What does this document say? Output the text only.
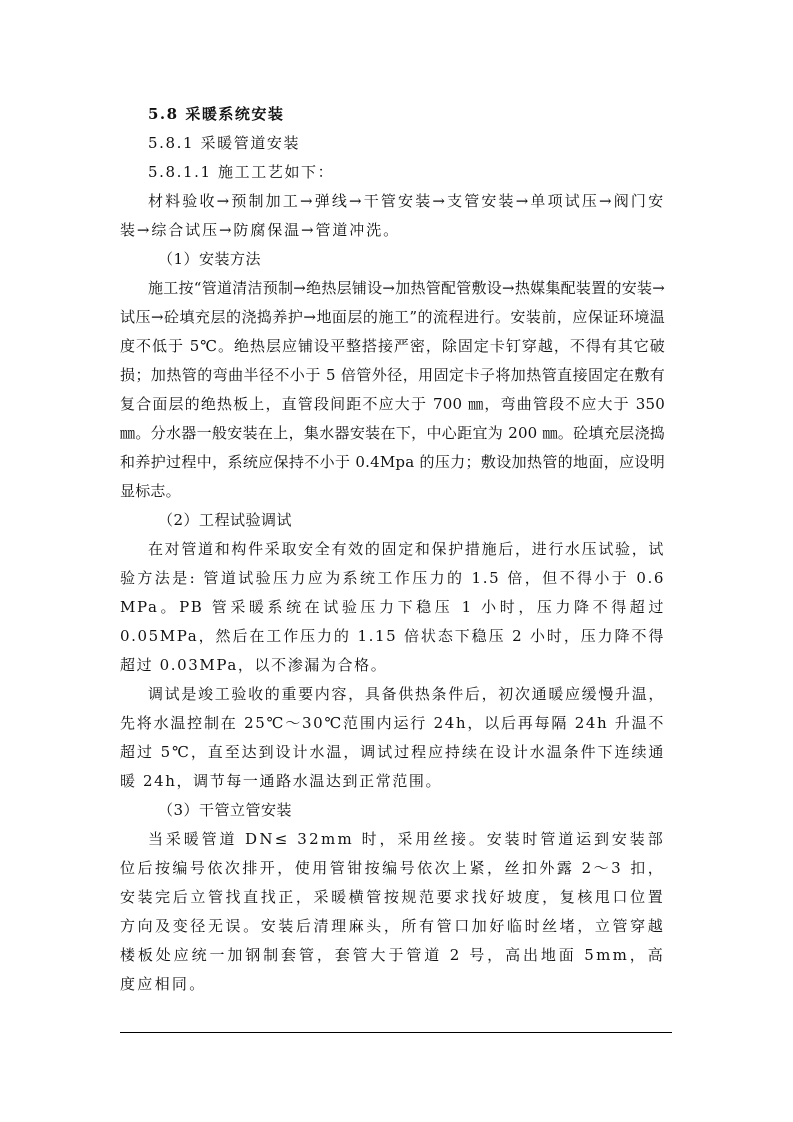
5.8 采暖系统安装
5.8.1 采暖管道安装
5.8.1.1 施工工艺如下：

材料验收→预制加工→弹线→干管安装→支管安装→单项试压→阀门安装→综合试压→防腐保温→管道冲洗。

（1）安装方法

施工按“管道清洁预制→绝热层铺设→加热管配管敷设→热媒集配装置的安装→试压→砼填充层的浇捣养护→地面层的施工”的流程进行。安装前，应保证环境温度不低于 5℃。绝热层应铺设平整搭接严密，除固定卡钉穿越，不得有其它破损；加热管的弯曲半径不小于 5 倍管外径，用固定卡子将加热管直接固定在敷有复合面层的绝热板上，直管段间距不应大于 700 ㎜，弯曲管段不应大于 350 ㎜。分水器一般安装在上，集水器安装在下，中心距宜为 200 ㎜。砼填充层浇捣和养护过程中，系统应保持不小于 0.4Mpa 的压力；敷设加热管的地面，应设明显标志。

（2）工程试验调试

在对管道和构件采取安全有效的固定和保护措施后，进行水压试验，试验方法是: 管道试验压力应为系统工作压力的 1.5 倍，但不得小于 0.6 MPa。PB 管采暖系统在试验压力下稳压 1 小时，压力降不得超过 0.05MPa，然后在工作压力的 1.15 倍状态下稳压 2 小时，压力降不得超过 0.03MPa，以不渗漏为合格。

调试是竣工验收的重要内容，具备供热条件后，初次通暖应缓慢升温，先将水温控制在 25℃～30℃范围内运行 24h，以后再每隔 24h 升温不超过 5℃，直至达到设计水温，调试过程应持续在设计水温条件下连续通暖 24h，调节每一通路水温达到正常范围。

（3）干管立管安装

当采暖管道 DN≤ 32mm 时，采用丝接。安装时管道运到安装部位后按编号依次排开，使用管钳按编号依次上紧，丝扣外露 2～3 扣，安装完后立管找直找正，采暖横管按规范要求找好坡度，复核甩口位置方向及变径无误。安装后清理麻头，所有管口加好临时丝堵，立管穿越楼板处应统一加钢制套管，套管大于管道 2 号，高出地面 5mm，高度应相同。
